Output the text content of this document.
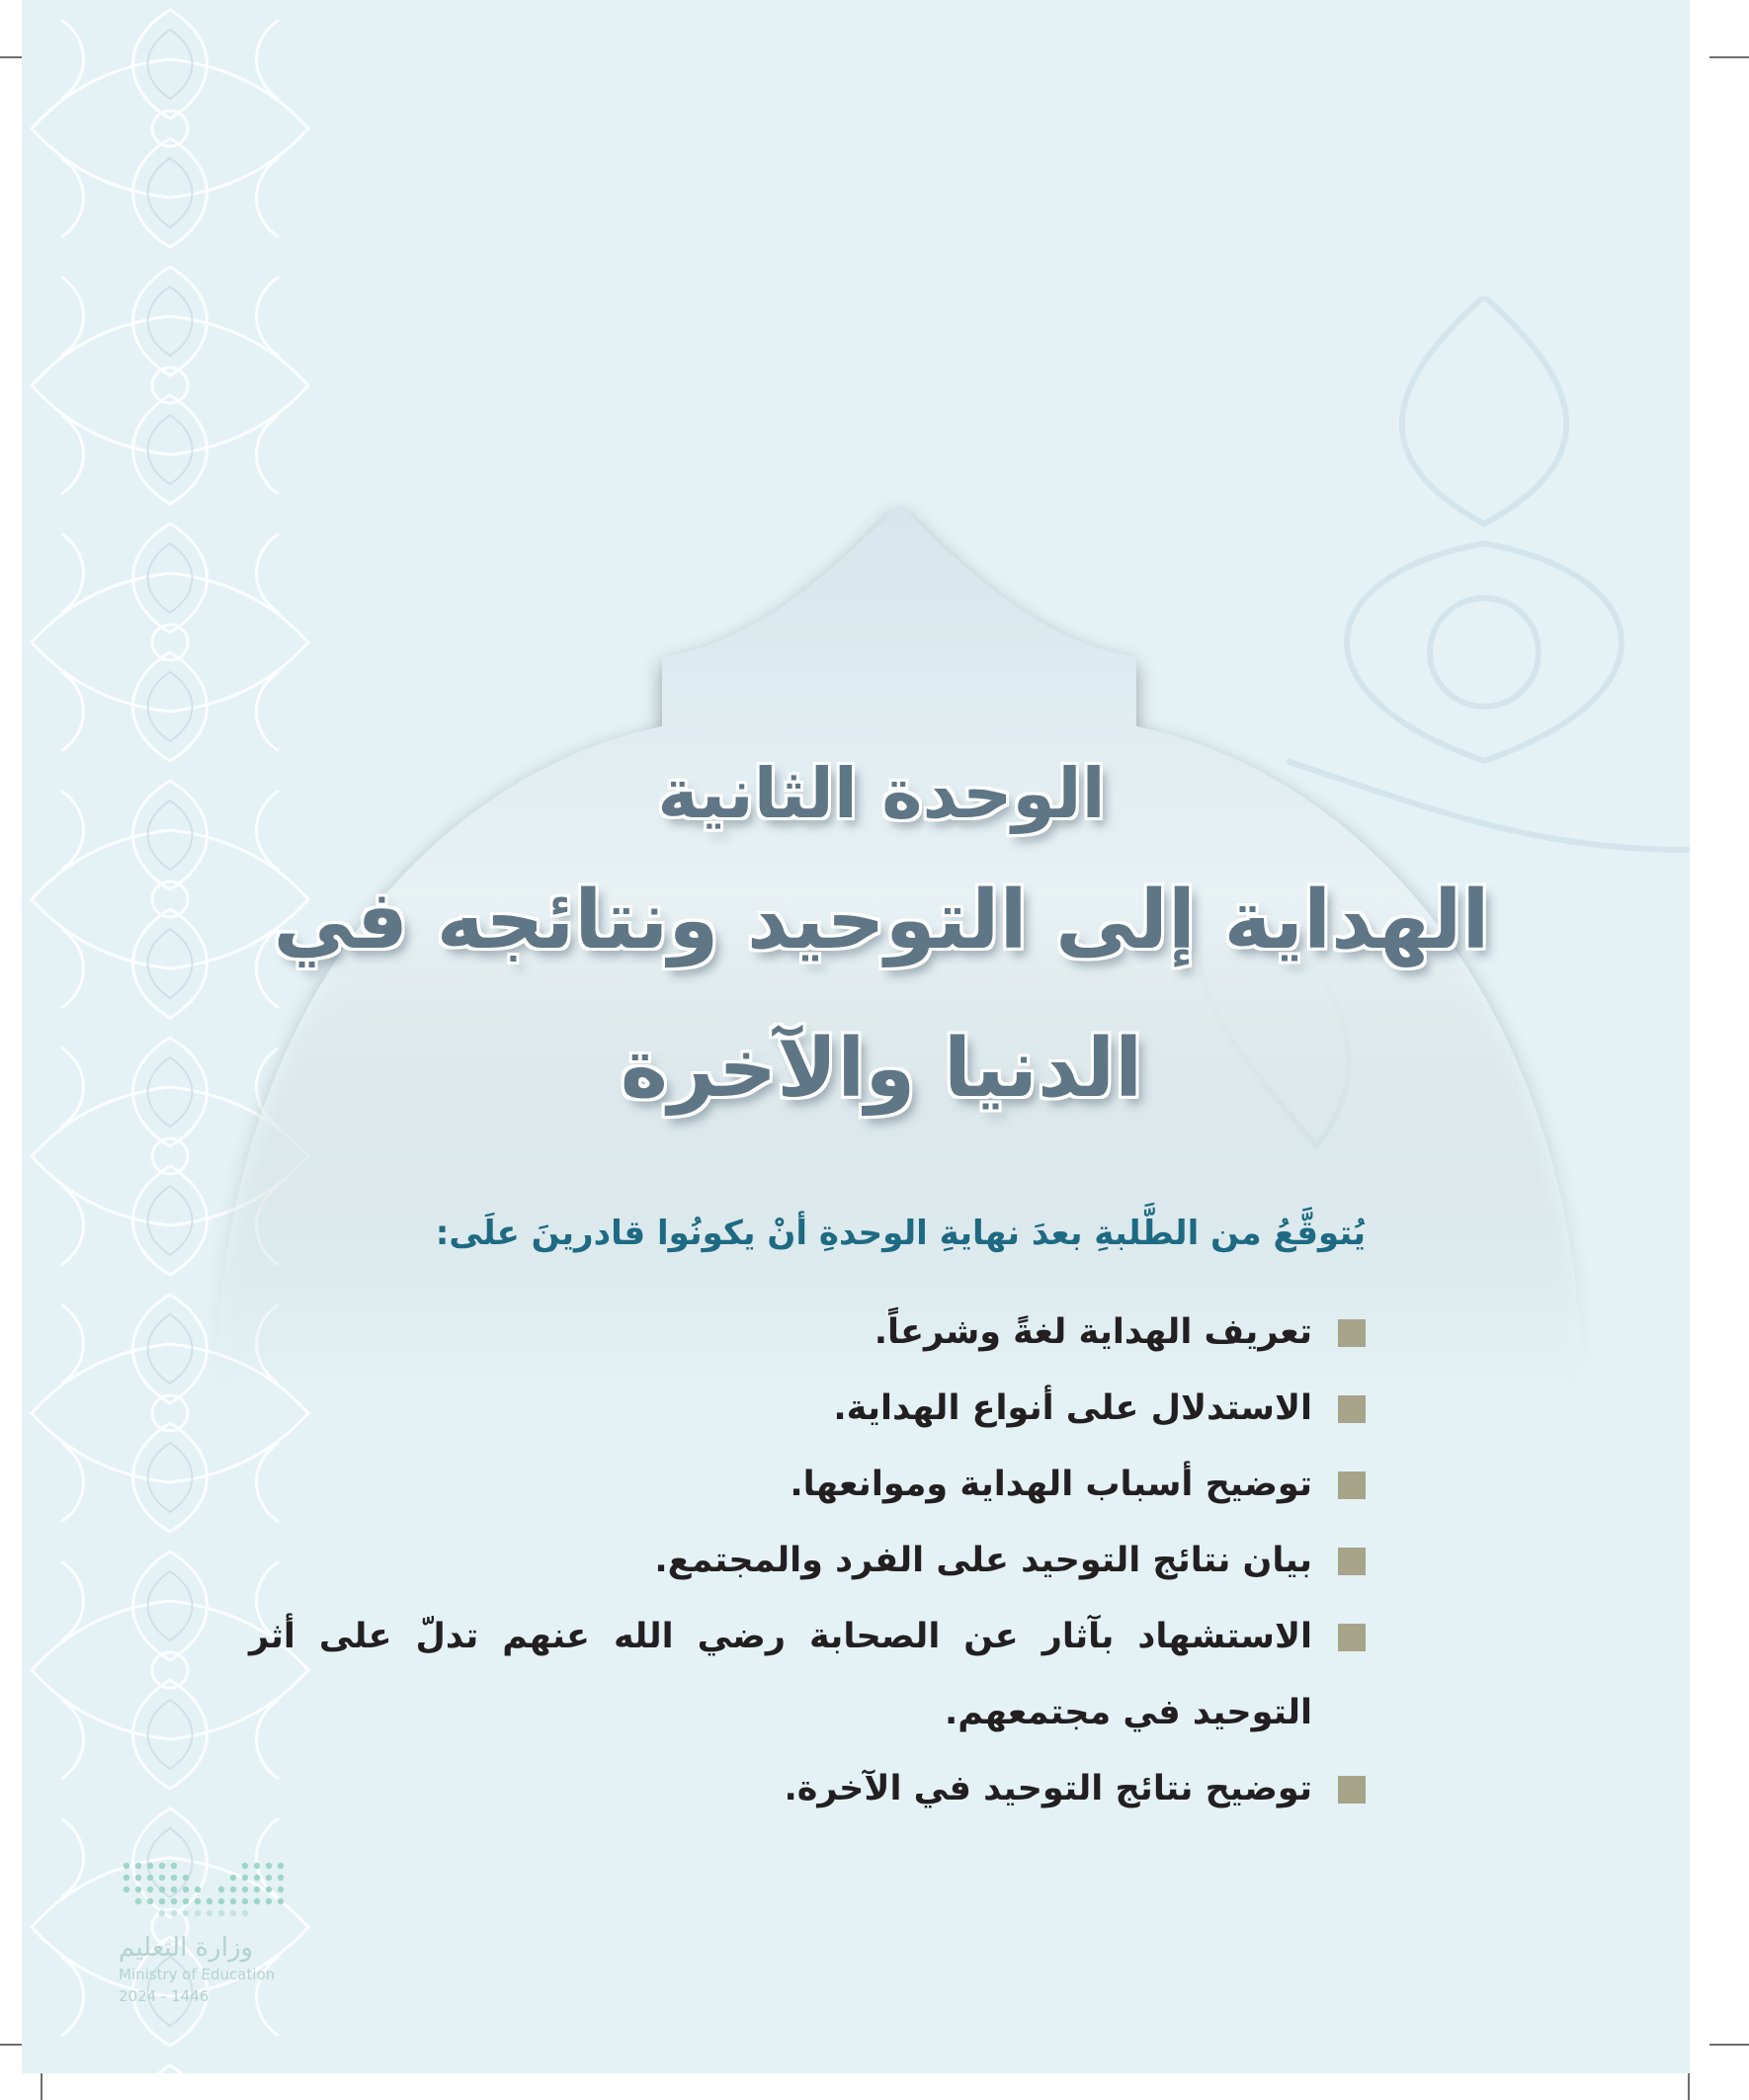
الوحدة الثانية
الهداية إلى التوحيد ونتائجه في الدنيا والآخرة
يُتوقَّعُ من الطَّلبةِ بعدَ نهايةِ الوحدةِ أنْ يكونُوا قادرينَ علَى:
تعريف الهداية لغةً وشرعاً.
الاستدلال على أنواع الهداية.
توضيح أسباب الهداية وموانعها.
بيان نتائج التوحيد على الفرد والمجتمع.
الاستشهاد بآثار عن الصحابة رضي الله عنهم تدلّ على أثر التوحيد في مجتمعهم.
توضيح نتائج التوحيد في الآخرة.
وزارة التعليم
Ministry of Education
2024 - 1446
